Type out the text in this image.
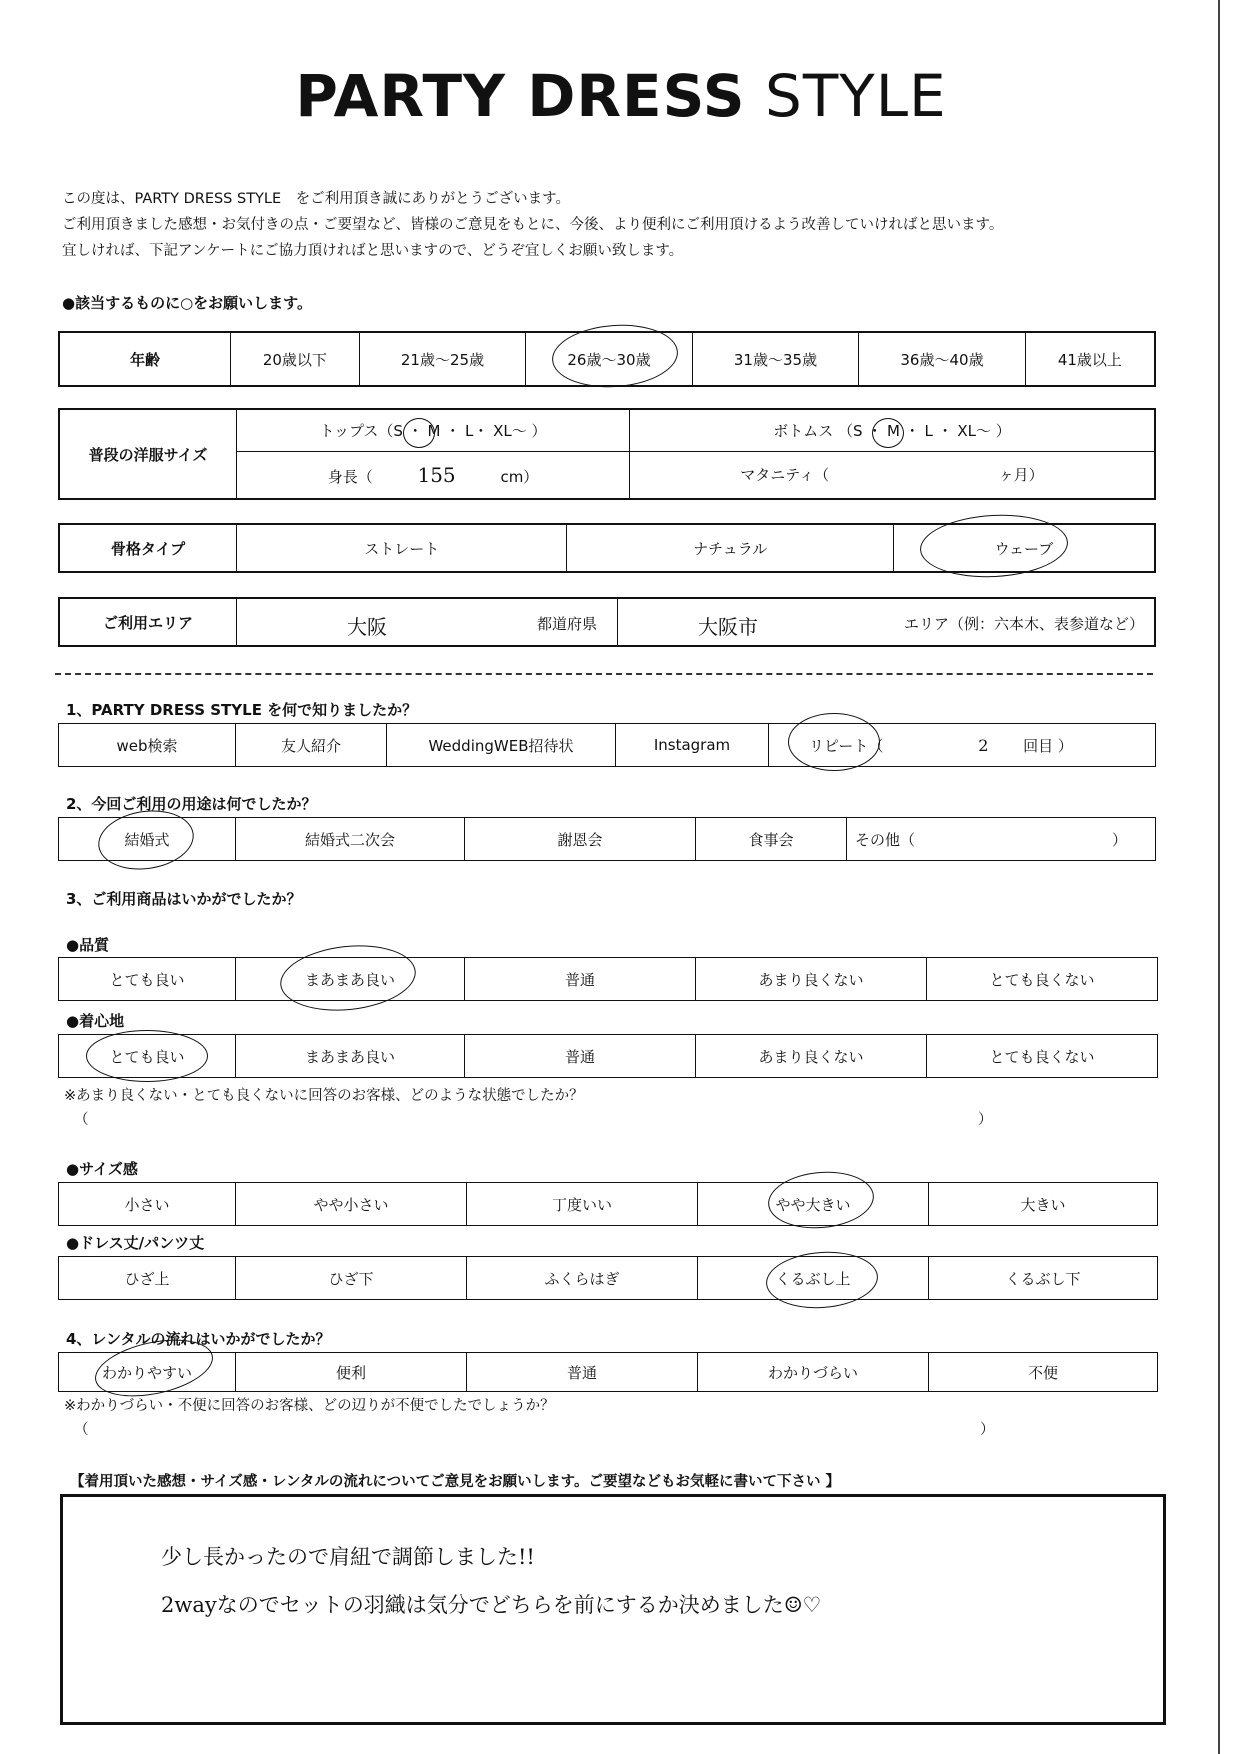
PARTY DRESS STYLE
この度は、PARTY DRESS STYLE　をご利用頂き誠にありがとうございます。
ご利用頂きました感想・お気付きの点・ご要望など、皆様のご意見をもとに、今後、より便利にご利用頂けるよう改善していければと思います。
宜しければ、下記アンケートにご協力頂ければと思いますので、どうぞ宜しくお願い致します。
●該当するものに○をお願いします。
年齢	20歳以下	21歳～25歳	26歳～30歳	31歳～35歳	36歳～40歳	41歳以上
普段の洋服サイズ	トップス（S ・ M ・ L・ XL～ ）	ボトムス （S ・ M ・ L ・ XL～ ）
	身長（ 155 cm）	マタニティ（ ヶ月）
骨格タイプ	ストレート	ナチュラル	ウェーブ
ご利用エリア	大阪	都道府県	大阪市	エリア（例：六本木、表参道など）
1、PARTY DRESS STYLE を何で知りましたか？
web検索	友人紹介	WeddingWEB招待状	Instagram	リピート（	2 回目 ）
2、今回ご利用の用途は何でしたか？
結婚式	結婚式二次会	謝恩会	食事会	その他（	）
3、ご利用商品はいかがでしたか？
●品質
とても良い	まあまあ良い	普通	あまり良くない	とても良くない
●着心地
とても良い	まあまあ良い	普通	あまり良くない	とても良くない
※あまり良くない・とても良くないに回答のお客様、どのような状態でしたか？
（	）
●サイズ感
小さい	やや小さい	丁度いい	やや大きい	大きい
●ドレス丈/パンツ丈
ひざ上	ひざ下	ふくらはぎ	くるぶし上	くるぶし下
4、レンタルの流れはいかがでしたか？
わかりやすい	便利	普通	わかりづらい	不便
※わかりづらい・不便に回答のお客様、どの辺りが不便でしたでしょうか？
（	）
【着用頂いた感想・サイズ感・レンタルの流れについてご意見をお願いします。ご要望などもお気軽に書いて下さい 】
少し長かったので肩紐で調節しました!!
2wayなのでセットの羽織は気分でどちらを前にするか決めました☺♡
